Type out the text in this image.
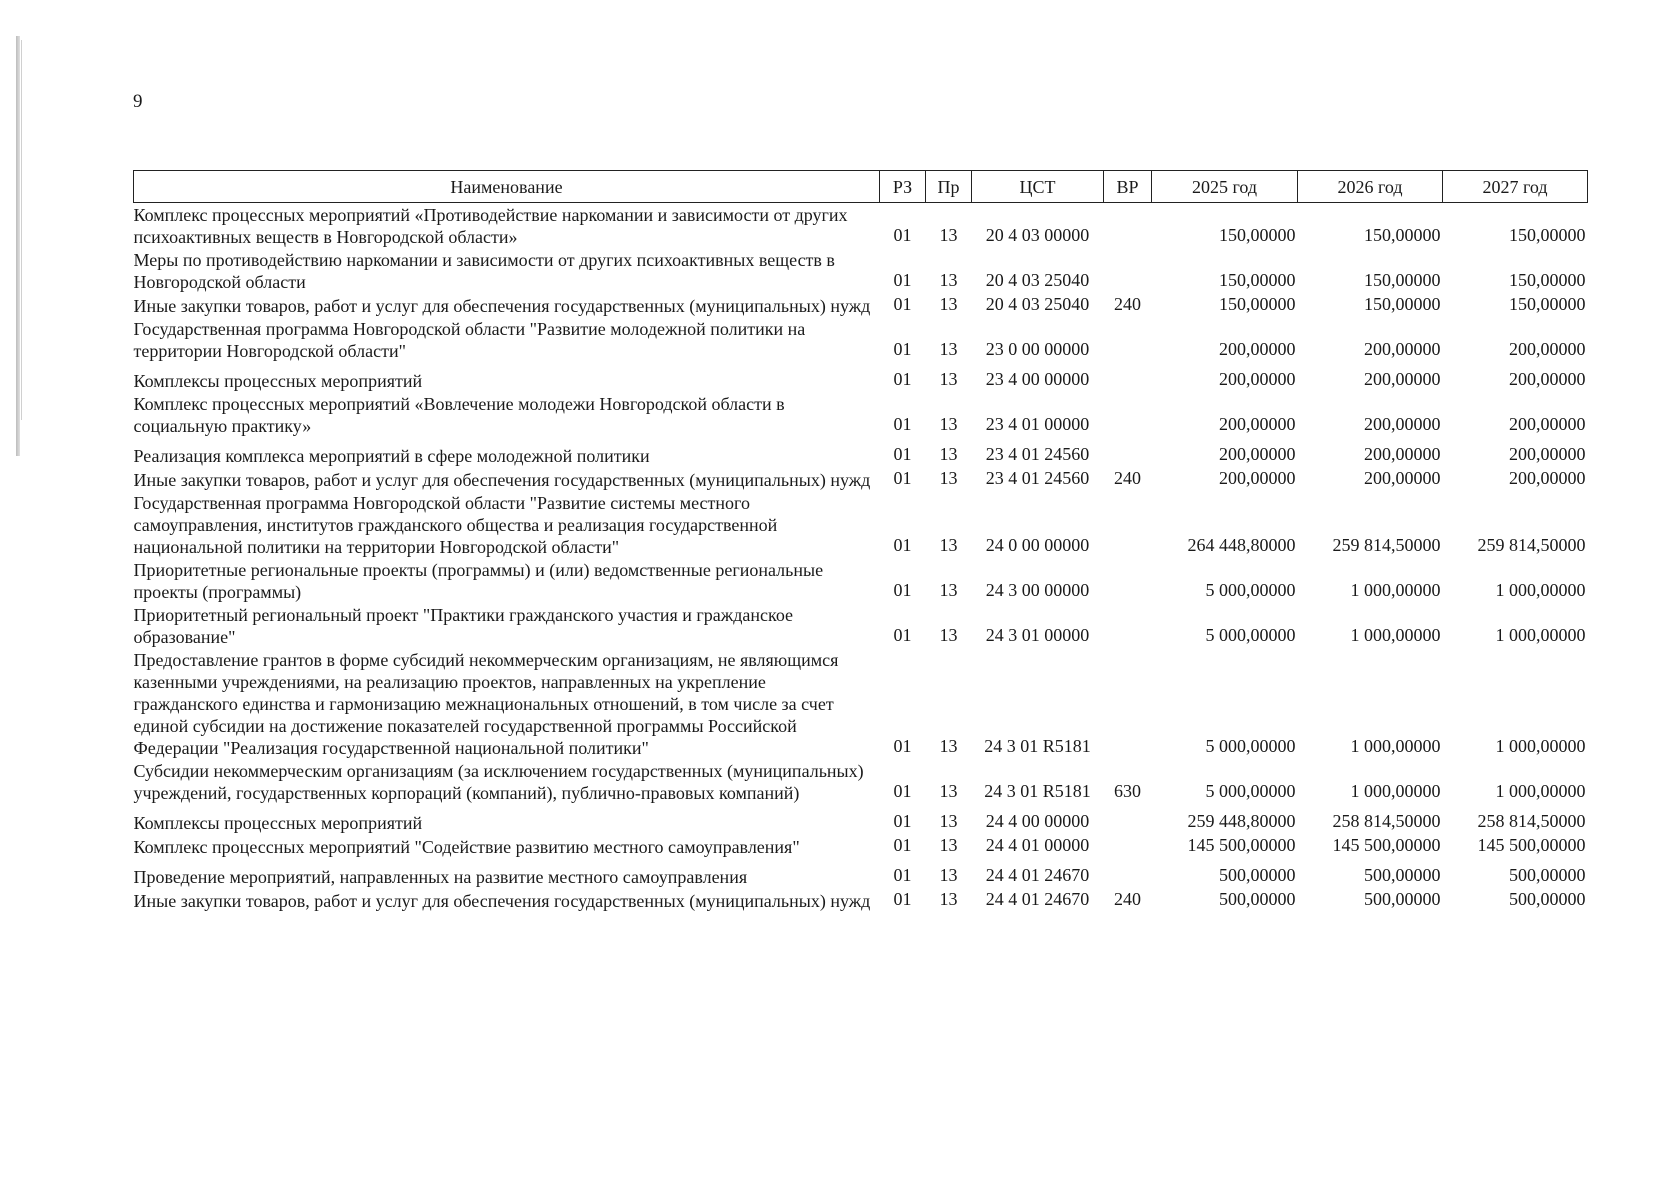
9
Наименование	РЗ	Пр	ЦСТ	ВР	2025 год	2026 год	2027 год
Комплекс процессных мероприятий «Противодействие наркомании и зависимости от других психоактивных веществ в Новгородской области»	01	13	20 4 03 00000		150,00000	150,00000	150,00000
Меры по противодействию наркомании и зависимости от других психоактивных веществ в Новгородской области	01	13	20 4 03 25040		150,00000	150,00000	150,00000
Иные закупки товаров, работ и услуг для обеспечения государственных (муниципальных) нужд	01	13	20 4 03 25040	240	150,00000	150,00000	150,00000
Государственная программа Новгородской области "Развитие молодежной политики на территории Новгородской области"	01	13	23 0 00 00000		200,00000	200,00000	200,00000

Комплексы процессных мероприятий	01	13	23 4 00 00000		200,00000	200,00000	200,00000
Комплекс процессных мероприятий «Вовлечение молодежи Новгородской области в социальную практику»	01	13	23 4 01 00000		200,00000	200,00000	200,00000

Реализация комплекса мероприятий в сфере молодежной политики	01	13	23 4 01 24560		200,00000	200,00000	200,00000
Иные закупки товаров, работ и услуг для обеспечения государственных (муниципальных) нужд	01	13	23 4 01 24560	240	200,00000	200,00000	200,00000
Государственная программа Новгородской области "Развитие системы местного самоуправления, институтов гражданского общества и реализация государственной национальной политики на территории Новгородской области"	01	13	24 0 00 00000		264 448,80000	259 814,50000	259 814,50000
Приоритетные региональные проекты (программы) и (или) ведомственные региональные проекты (программы)	01	13	24 3 00 00000		5 000,00000	1 000,00000	1 000,00000
Приоритетный региональный проект "Практики гражданского участия и гражданское образование"	01	13	24 3 01 00000		5 000,00000	1 000,00000	1 000,00000
Предоставление грантов в форме субсидий некоммерческим организациям, не являющимся казенными учреждениями, на реализацию проектов, направленных на укрепление гражданского единства и гармонизацию межнациональных отношений, в том числе за счет единой субсидии на достижение показателей государственной программы Российской Федерации "Реализация государственной национальной политики"	01	13	24 3 01 R5181		5 000,00000	1 000,00000	1 000,00000
Субсидии некоммерческим организациям (за исключением государственных (муниципальных) учреждений, государственных корпораций (компаний), публично-правовых компаний)	01	13	24 3 01 R5181	630	5 000,00000	1 000,00000	1 000,00000

Комплексы процессных мероприятий	01	13	24 4 00 00000		259 448,80000	258 814,50000	258 814,50000
Комплекс процессных мероприятий "Содействие развитию местного самоуправления"	01	13	24 4 01 00000		145 500,00000	145 500,00000	145 500,00000

Проведение мероприятий, направленных на развитие местного самоуправления	01	13	24 4 01 24670		500,00000	500,00000	500,00000
Иные закупки товаров, работ и услуг для обеспечения государственных (муниципальных) нужд	01	13	24 4 01 24670	240	500,00000	500,00000	500,00000
